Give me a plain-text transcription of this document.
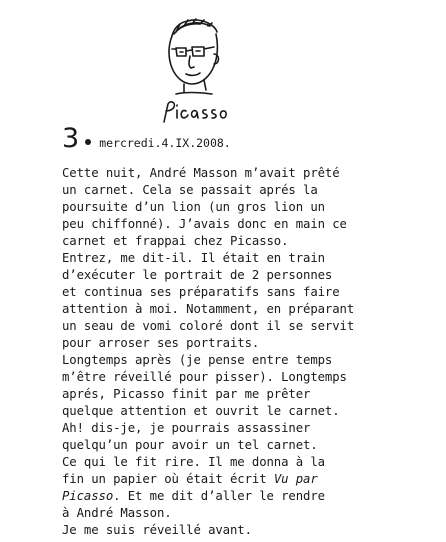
3 mercredi.4.IX.2008.
Cette nuit, André Masson m’avait prêté
un carnet. Cela se passait aprés la
poursuite d’un lion (un gros lion un
peu chiffonné). J’avais donc en main ce
carnet et frappai chez Picasso.
Entrez, me dit-il. Il était en train
d’exécuter le portrait de 2 personnes
et continua ses préparatifs sans faire
attention à moi. Notamment, en préparant
un seau de vomi coloré dont il se servit
pour arroser ses portraits.
Longtemps après (je pense entre temps
m’être réveillé pour pisser). Longtemps
aprés, Picasso finit par me prêter
quelque attention et ouvrit le carnet.
Ah! dis-je, je pourrais assassiner
quelqu’un pour avoir un tel carnet.
Ce qui le fit rire. Il me donna à la
fin un papier où était écrit Vu par
Picasso. Et me dit d’aller le rendre
à André Masson.
Je me suis réveillé avant.
